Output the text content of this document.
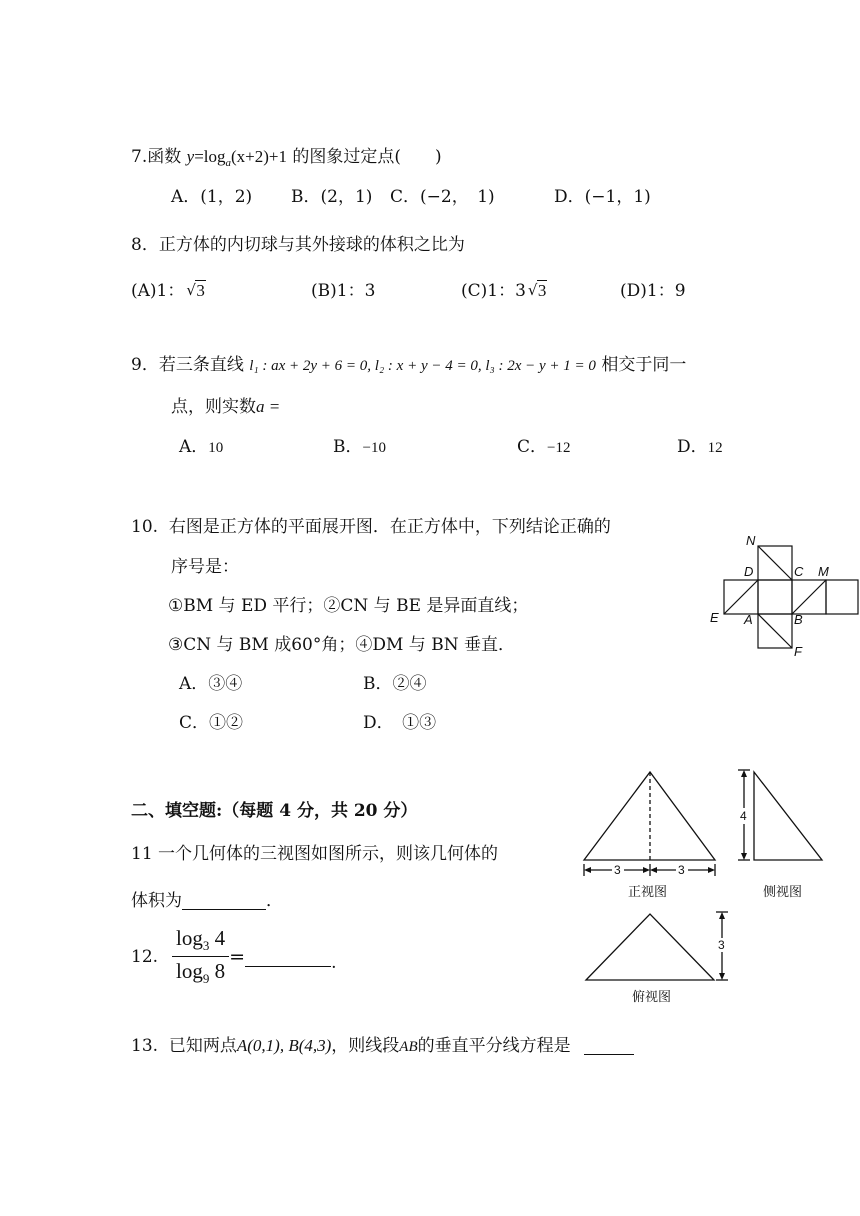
7.函数 $y=\log_a(x+2)+1$ 的图象过定点( )
A．(1，2) B．(2，1) C．(−2，　1)	D．(−1，1)
8．正方体的内切球与其外接球的体积之比为
(A)1： √ 3	(B)1：3	(C)1：3 √ 3	(D)1：9
9．若三条直线 l₁ : ax + 2y + 6 = 0, l₂ : x + y − 4 = 0, l₃ : 2x − y + 1 = 0 相交于同一
点，则实数a =
A．10	B．−10	C．−12	D．12
10. 右图是正方体的平面展开图．在正方体中，下列结论正确的
序号是：
①BM 与 ED 平行；②CN 与 BE 是异面直线；
③CN 与 BM 成60°角；④DM 与 BN 垂直．
A．③④	B．②④
C．①②	D．　①③
N
D	C M
E A	B
F
二、填空题:（每题 4 分，共 20 分）
11 一个几何体的三视图如图所示，则该几何体的
体积为	．
3	3
4
3
正视图	侧视图
俯视图
12. $\frac{\log_3 4}{\log_9 8}$ =	.
13. 已知两点A(0,1), B(4,3)，则线段AB的垂直平分线方程是
